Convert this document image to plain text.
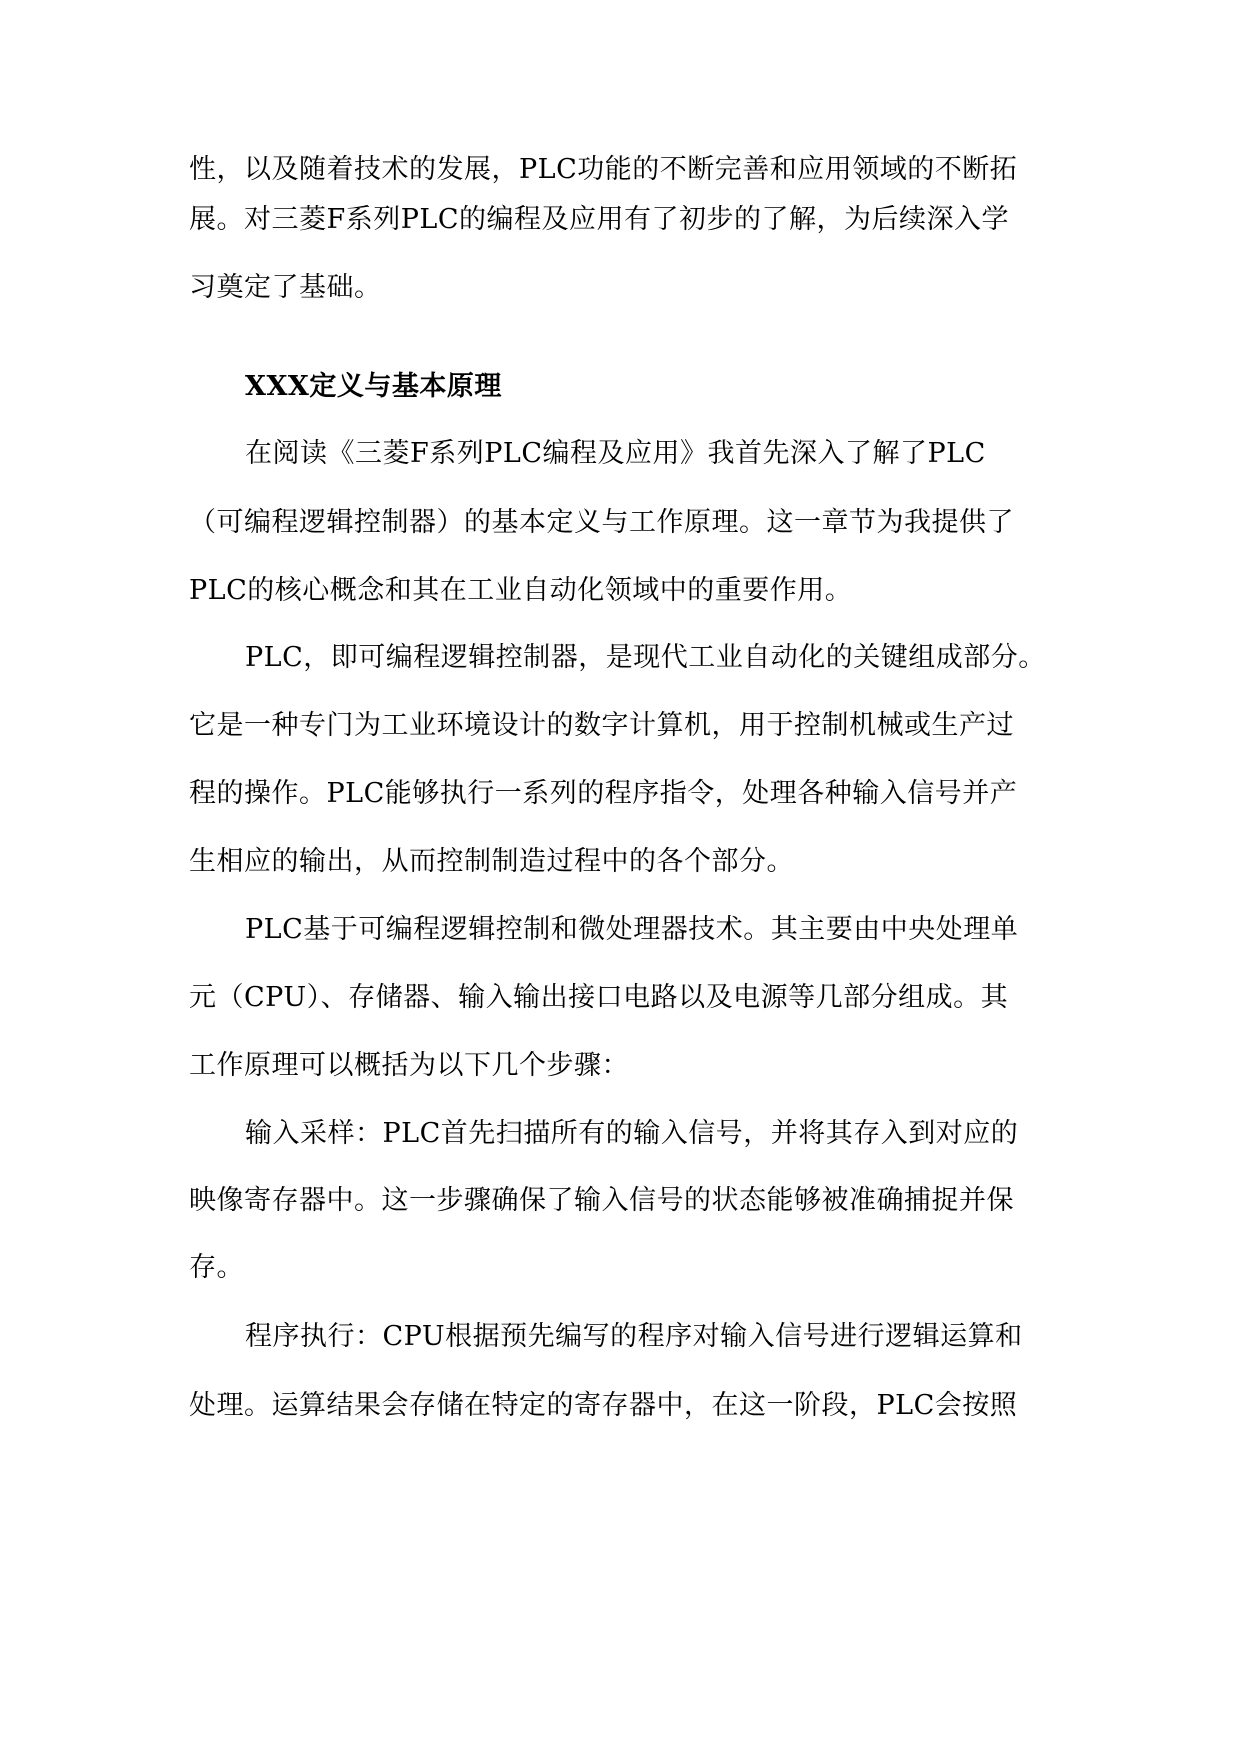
性，以及随着技术的发展，PLC功能的不断完善和应用领域的不断拓
展。对三菱F系列PLC的编程及应用有了初步的了解，为后续深入学
习奠定了基础。
XXX定义与基本原理
在阅读《三菱F系列PLC编程及应用》我首先深入了解了PLC
（可编程逻辑控制器）的基本定义与工作原理。这一章节为我提供了
PLC的核心概念和其在工业自动化领域中的重要作用。
PLC，即可编程逻辑控制器，是现代工业自动化的关键组成部分。
它是一种专门为工业环境设计的数字计算机，用于控制机械或生产过
程的操作。PLC能够执行一系列的程序指令，处理各种输入信号并产
生相应的输出，从而控制制造过程中的各个部分。
PLC基于可编程逻辑控制和微处理器技术。其主要由中央处理单
元（CPU）、存储器、输入输出接口电路以及电源等几部分组成。其
工作原理可以概括为以下几个步骤：
输入采样：PLC首先扫描所有的输入信号，并将其存入到对应的
映像寄存器中。这一步骤确保了输入信号的状态能够被准确捕捉并保
存。
程序执行：CPU根据预先编写的程序对输入信号进行逻辑运算和
处理。运算结果会存储在特定的寄存器中，在这一阶段，PLC会按照
